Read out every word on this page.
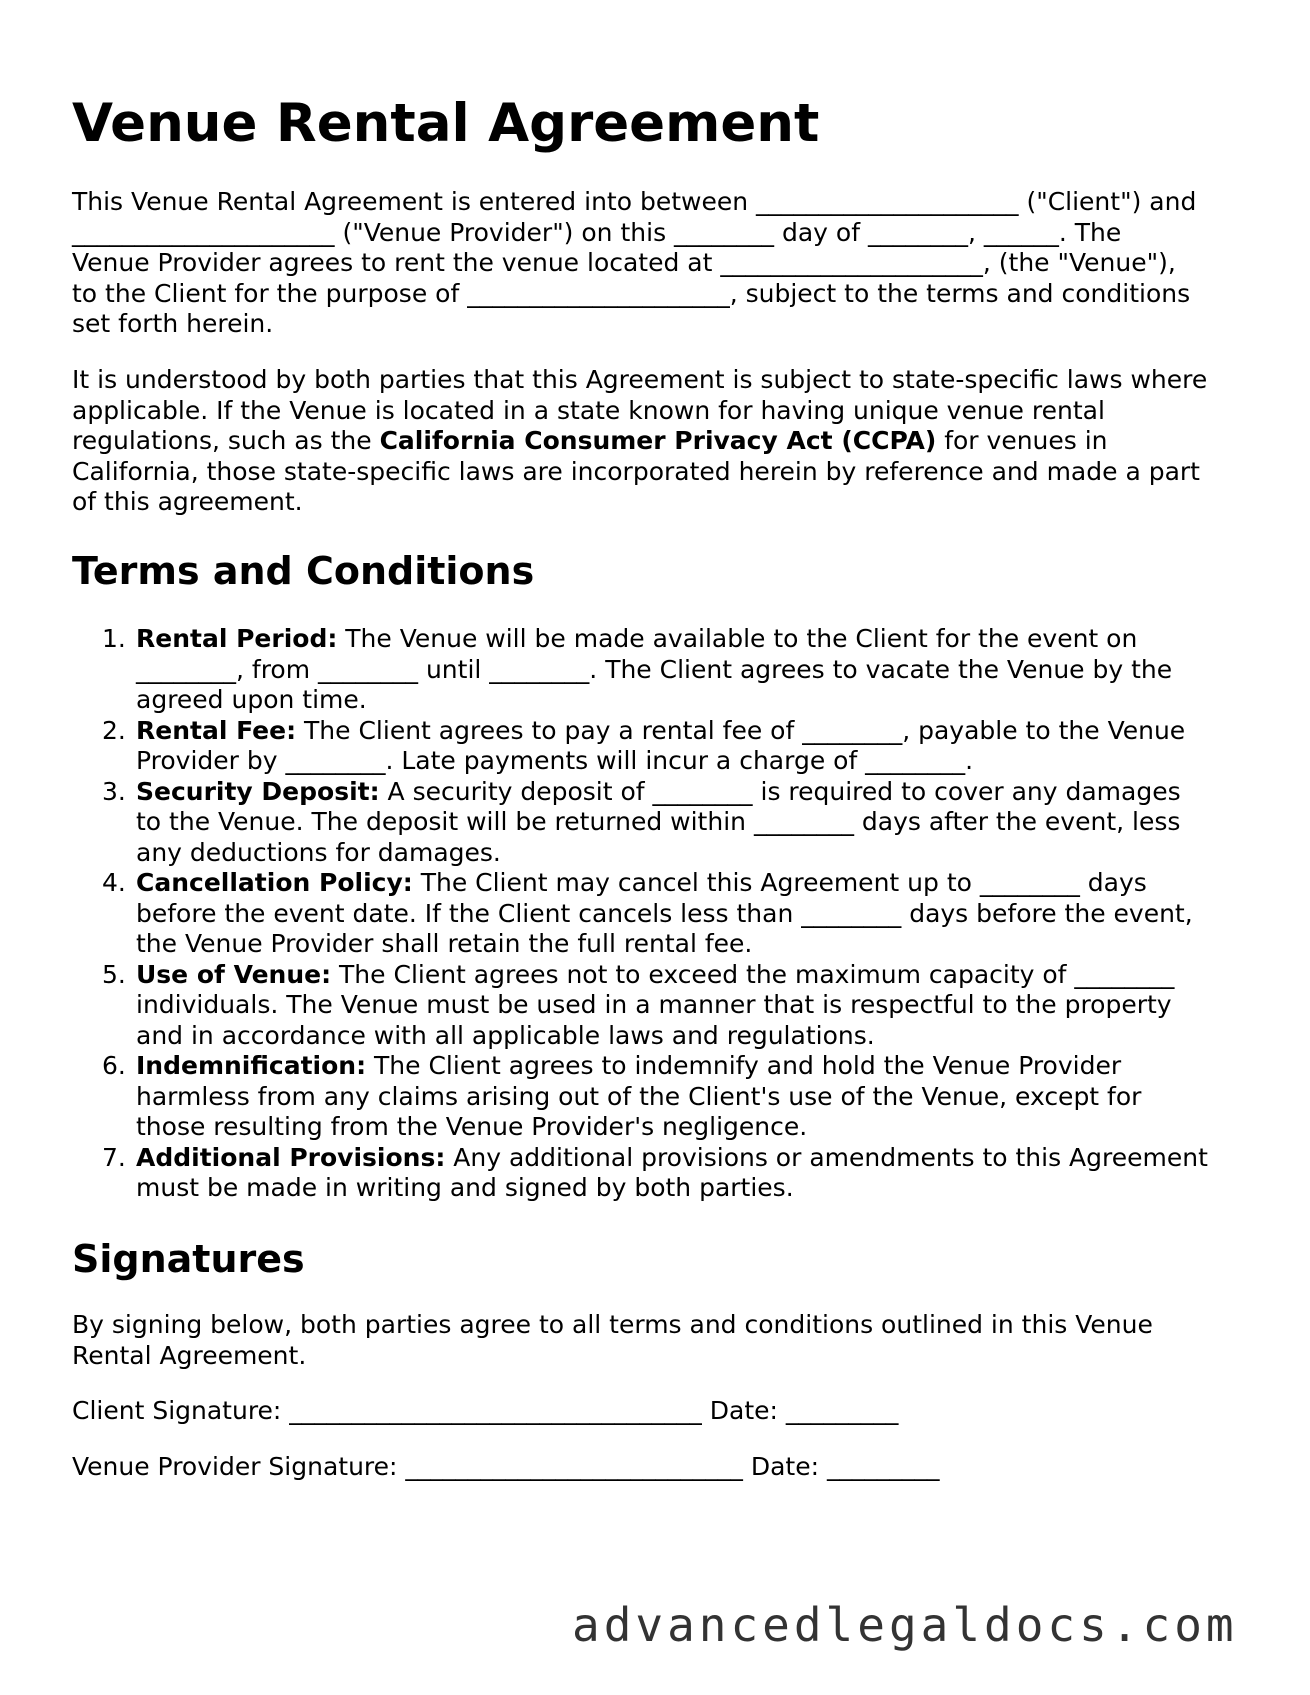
Venue Rental Agreement
This Venue Rental Agreement is entered into between _____________________ ("Client") and
_____________________ ("Venue Provider") on this ________ day of ________, ______. The
Venue Provider agrees to rent the venue located at _____________________, (the "Venue"),
to the Client for the purpose of _____________________, subject to the terms and conditions
set forth herein.
It is understood by both parties that this Agreement is subject to state-specific laws where
applicable. If the Venue is located in a state known for having unique venue rental
regulations, such as the California Consumer Privacy Act (CCPA) for venues in
California, those state-specific laws are incorporated herein by reference and made a part
of this agreement.
Terms and Conditions
1. Rental Period: The Venue will be made available to the Client for the event on
________, from ________ until ________. The Client agrees to vacate the Venue by the
agreed upon time.
2. Rental Fee: The Client agrees to pay a rental fee of ________, payable to the Venue
Provider by ________. Late payments will incur a charge of ________.
3. Security Deposit: A security deposit of ________ is required to cover any damages
to the Venue. The deposit will be returned within ________ days after the event, less
any deductions for damages.
4. Cancellation Policy: The Client may cancel this Agreement up to ________ days
before the event date. If the Client cancels less than ________ days before the event,
the Venue Provider shall retain the full rental fee.
5. Use of Venue: The Client agrees not to exceed the maximum capacity of ________
individuals. The Venue must be used in a manner that is respectful to the property
and in accordance with all applicable laws and regulations.
6. Indemnification: The Client agrees to indemnify and hold the Venue Provider
harmless from any claims arising out of the Client's use of the Venue, except for
those resulting from the Venue Provider's negligence.
7. Additional Provisions: Any additional provisions or amendments to this Agreement
must be made in writing and signed by both parties.
Signatures
By signing below, both parties agree to all terms and conditions outlined in this Venue
Rental Agreement.
Client Signature: _________________________________ Date: _________
Venue Provider Signature: ___________________________ Date: _________
advancedlegaldocs.com
